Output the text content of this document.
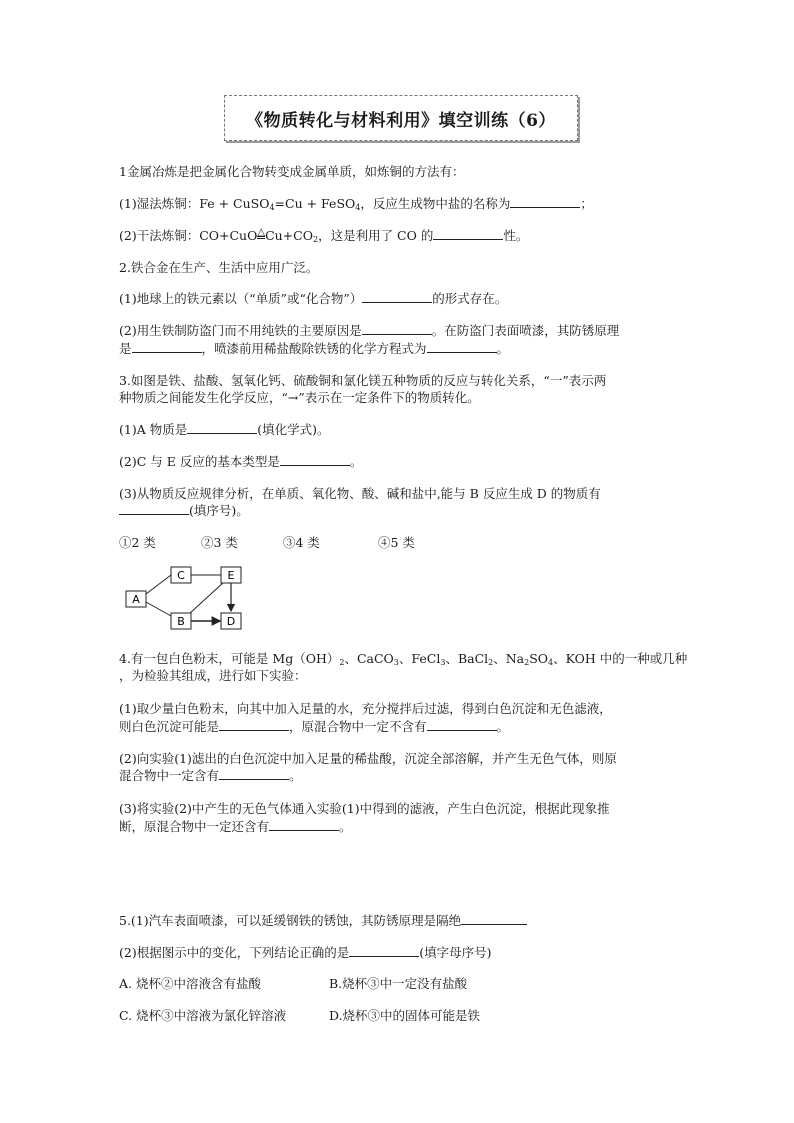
《物质转化与材料利用》填空训练（6）
1金属冶炼是把金属化合物转变成金属单质，如炼铜的方法有：
(1)湿法炼铜：Fe + CuSO$_4$=Cu + FeSO$_4$，反应生成物中盐的名称为	；
(2)干法炼铜：CO+CuO△
$Cu+CO_2$，这是利用了 CO 的	性。
2.铁合金在生产、生活中应用广泛。
(1)地球上的铁元素以（“单质”或“化合物”）	的形式存在。
(2)用生铁制防盗门而不用纯铁的主要原因是	。在防盗门表面喷漆，其防锈原理
是	，喷漆前用稀盐酸除铁锈的化学方程式为	。
3.如图是铁、盐酸、氢氧化钙、硫酸铜和氯化镁五种物质的反应与转化关系，“一”表示两
种物质之间能发生化学反应，“→”表示在一定条件下的物质转化。
(1)A 物质是	(填化学式)。
(2)C 与 E 反应的基本类型是	。
(3)从物质反应规律分析，在单质、氧化物、酸、碱和盐中,能与 B 反应生成 D 的物质有
(填序号)。
①2 类	②3 类	③4 类	④5 类
A
C
B
E
D
4.有一包白色粉末，可能是 $Mg(OH)_2$、CaCO$_3$、FeCl$_3$、BaCl$_2$、$Na_2SO_4$、KOH 中的一种或几种
，为检验其组成，进行如下实验：
(1)取少量白色粉末，向其中加入足量的水，充分搅拌后过滤，得到白色沉淀和无色滤液，
则白色沉淀可能是	，原混合物中一定不含有	。
(2)向实验(1)滤出的白色沉淀中加入足量的稀盐酸，沉淀全部溶解，并产生无色气体，则原
混合物中一定含有	。
(3)将实验(2)中产生的无色气体通入实验(1)中得到的滤液，产生白色沉淀，根据此现象推
断，原混合物中一定还含有	。
5.(1)汽车表面喷漆，可以延缓钢铁的锈蚀，其防锈原理是隔绝
(2)根据图示中的变化，下列结论正确的是	(填字母序号)
A. 烧杯②中溶液含有盐酸	B.烧杯③中一定没有盐酸
C. 烧杯③中溶液为氯化锌溶液	D.烧杯③中的固体可能是铁
